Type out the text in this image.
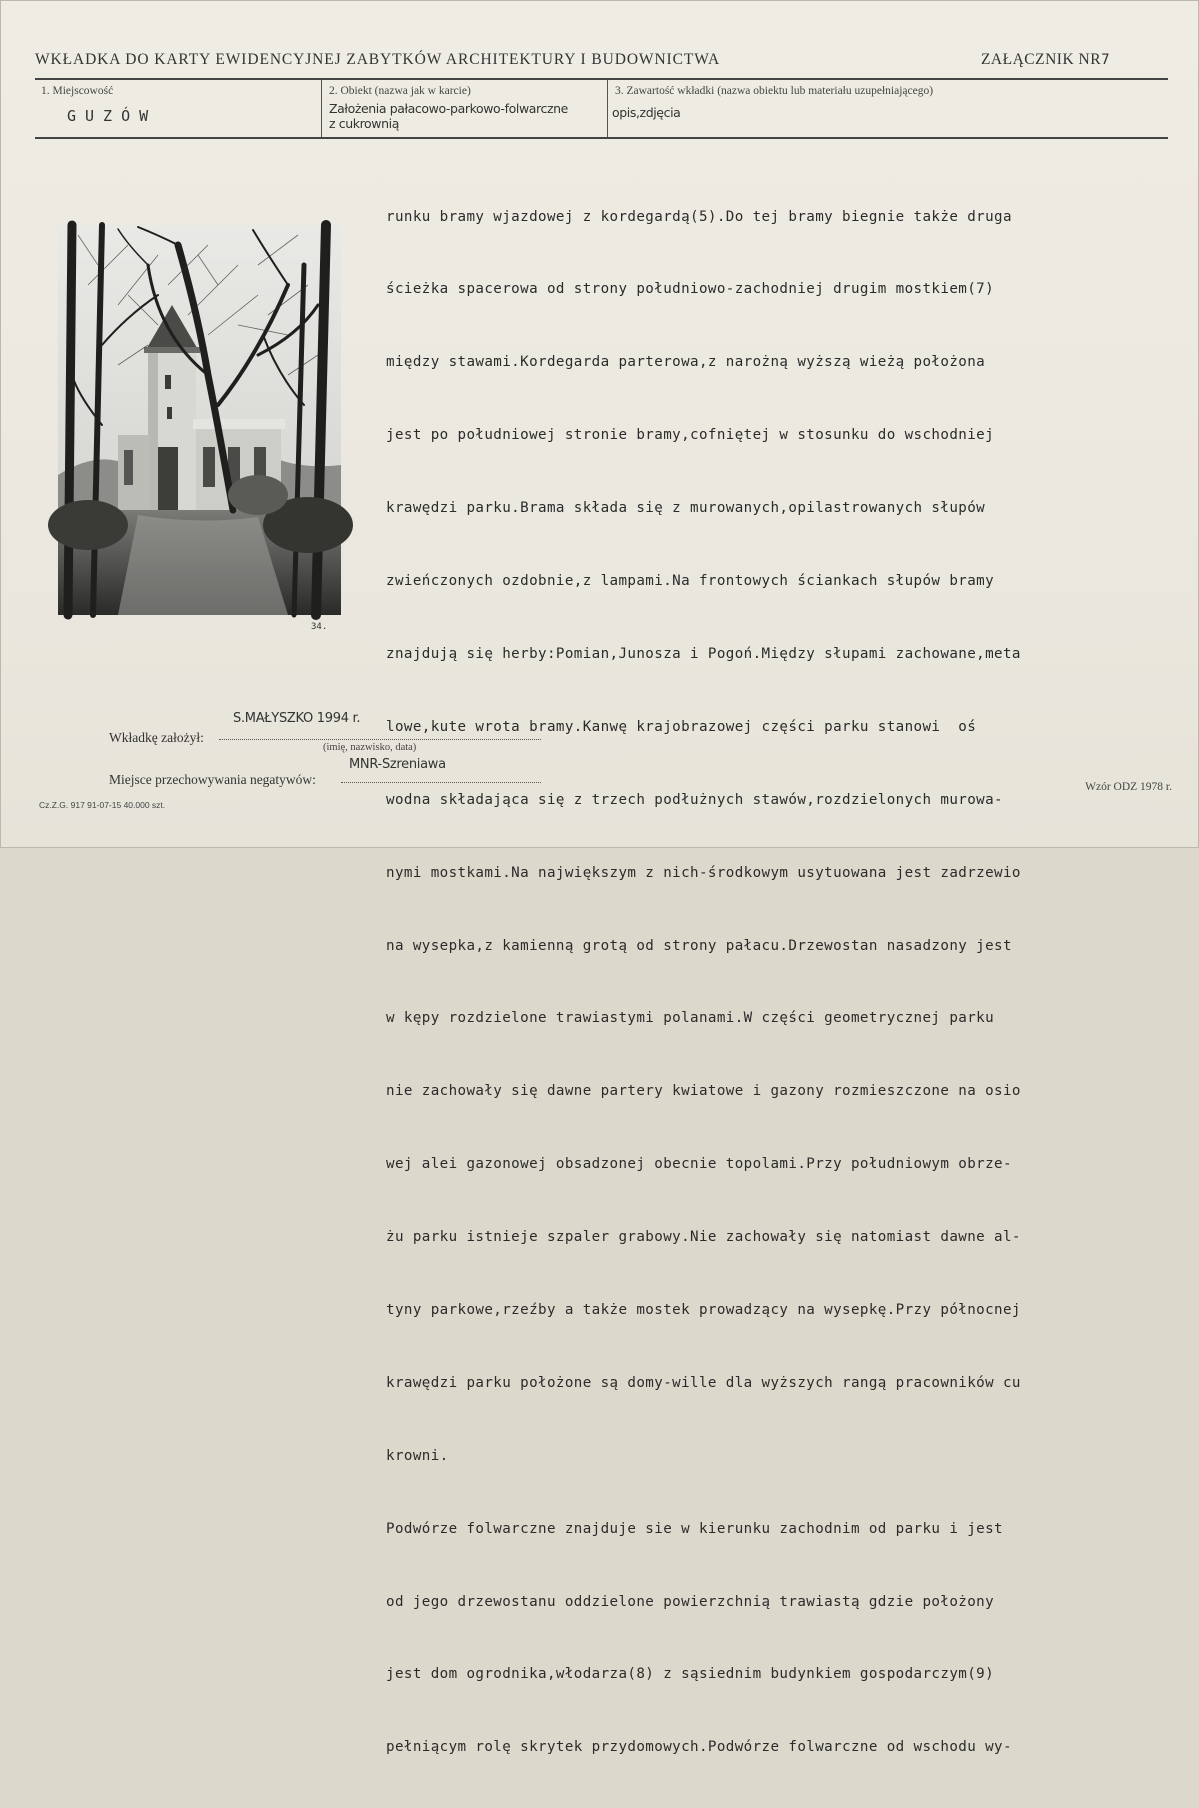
WKŁADKA DO KARTY EWIDENCYJNEJ ZABYTKÓW ARCHITEKTURY I BUDOWNICTWA	ZAŁĄCZNIK NR7
1. Miejscowość
GUZÓW
2. Obiekt (nazwa jak w karcie)
Założenia pałacowo-parkowo-folwarczne
z cukrownią
3. Zawartość wkładki (nazwa obiektu lub materiału uzupełniającego)
opis,zdjęcia
34.

runku bramy wjazdowej z kordegardą(5).Do tej bramy biegnie także druga

ścieżka spacerowa od strony południowo-zachodniej drugim mostkiem(7)

między stawami.Kordegarda parterowa,z narożną wyższą wieżą położona

jest po południowej stronie bramy,cofniętej w stosunku do wschodniej

krawędzi parku.Brama składa się z murowanych,opilastrowanych słupów

zwieńczonych ozdobnie,z lampami.Na frontowych ściankach słupów bramy

znajdują się herby:Pomian,Junosza i Pogoń.Między słupami zachowane,meta

lowe,kute wrota bramy.Kanwę krajobrazowej części parku stanowi  oś

wodna składająca się z trzech podłużnych stawów,rozdzielonych murowa-

nymi mostkami.Na największym z nich-środkowym usytuowana jest zadrzewio

na wysepka,z kamienną grotą od strony pałacu.Drzewostan nasadzony jest

w kępy rozdzielone trawiastymi polanami.W części geometrycznej parku

nie zachowały się dawne partery kwiatowe i gazony rozmieszczone na osio

wej alei gazonowej obsadzonej obecnie topolami.Przy południowym obrze-

żu parku istnieje szpaler grabowy.Nie zachowały się natomiast dawne al-

tyny parkowe,rzeźby a także mostek prowadzący na wysepkę.Przy północnej

krawędzi parku położone są domy-wille dla wyższych rangą pracowników cu

krowni.

Podwórze folwarczne znajduje sie w kierunku zachodnim od parku i jest

od jego drzewostanu oddzielone powierzchnią trawiastą gdzie położony

jest dom ogrodnika,włodarza(8) z sąsiednim budynkiem gospodarczym(9)

pełniącym rolę skrytek przydomowych.Podwórze folwarczne od wschodu wy-

S.MAŁYSZKO 1994 r.
Wkładkę założył:
(imię, nazwisko, data)
MNR-Szreniawa
Miejsce przechowywania negatywów:
Cz.Z.G. 917 91-07-15 40.000 szt.
Wzór ODZ 1978 r.
